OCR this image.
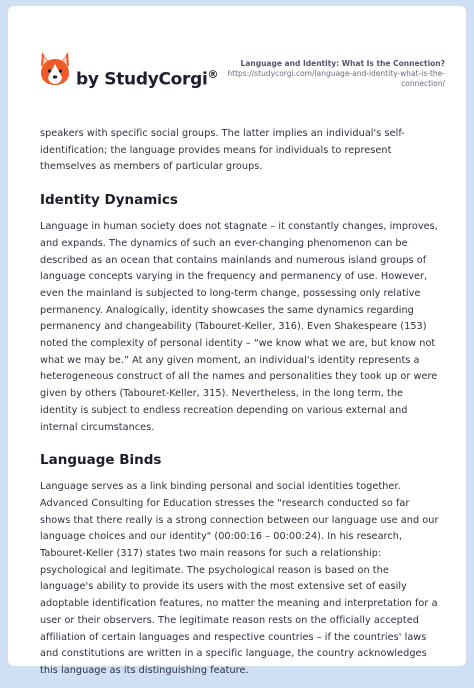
by StudyCorgi®
Language and Identity: What Is the Connection?
https://studycorgi.com/language-and-identity-what-is-the-
connection/

speakers with specific social groups. The latter implies an individual's self-identification; the language provides means for individuals to represent themselves as members of particular groups.

Identity Dynamics

Language in human society does not stagnate – it constantly changes, improves, and expands. The dynamics of such an ever-changing phenomenon can be described as an ocean that contains mainlands and numerous island groups of language concepts varying in the frequency and permanency of use. However, even the mainland is subjected to long-term change, possessing only relative permanency. Analogically, identity showcases the same dynamics regarding permanency and changeability (Tabouret-Keller, 316). Even Shakespeare (153) noted the complexity of personal identity – “we know what we are, but know not what we may be.” At any given moment, an individual's identity represents a heterogeneous construct of all the names and personalities they took up or were given by others (Tabouret-Keller, 315). Nevertheless, in the long term, the identity is subject to endless recreation depending on various external and internal circumstances.

Language Binds

Language serves as a link binding personal and social identities together. Advanced Consulting for Education stresses the "research conducted so far shows that there really is a strong connection between our language use and our language choices and our identity" (00:00:16 – 00:00:24). In his research, Tabouret-Keller (317) states two main reasons for such a relationship: psychological and legitimate. The psychological reason is based on the language's ability to provide its users with the most extensive set of easily adoptable identification features, no matter the meaning and interpretation for a user or their observers. The legitimate reason rests on the officially accepted affiliation of certain languages and respective countries – if the countries' laws and constitutions are written in a specific language, the country acknowledges this language as its distinguishing feature.
